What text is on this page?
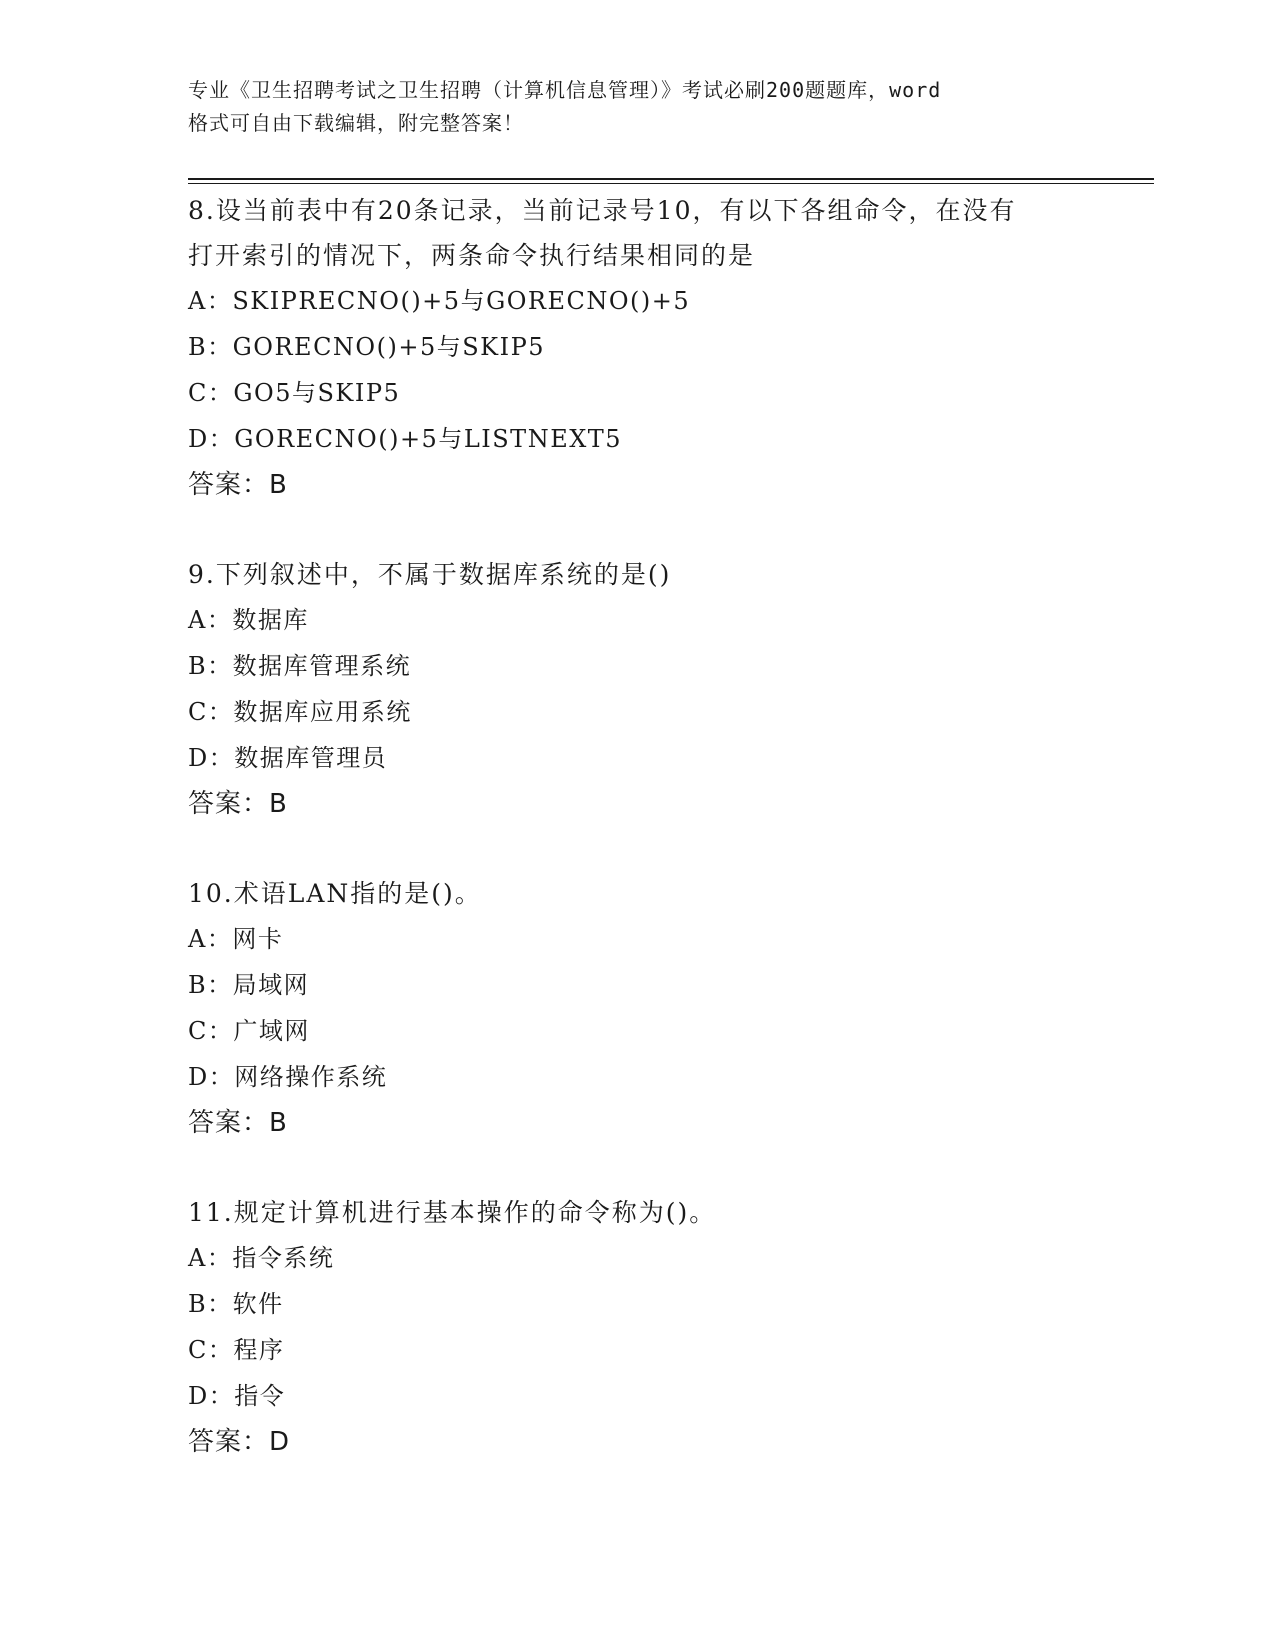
专业《卫生招聘考试之卫生招聘（计算机信息管理）》考试必刷200题题库，word
格式可自由下载编辑，附完整答案！
8.设当前表中有20条记录，当前记录号10，有以下各组命令，在没有
打开索引的情况下，两条命令执行结果相同的是
A：SKIPRECNO()+5与GORECNO()+5
B：GORECNO()+5与SKIP5
C：GO5与SKIP5
D：GORECNO()+5与LISTNEXT5
答案：B
9.下列叙述中，不属于数据库系统的是()
A：数据库
B：数据库管理系统
C：数据库应用系统
D：数据库管理员
答案：B
10.术语LAN指的是()。
A：网卡
B：局域网
C：广域网
D：网络操作系统
答案：B
11.规定计算机进行基本操作的命令称为()。
A：指令系统
B：软件
C：程序
D：指令
答案：D
